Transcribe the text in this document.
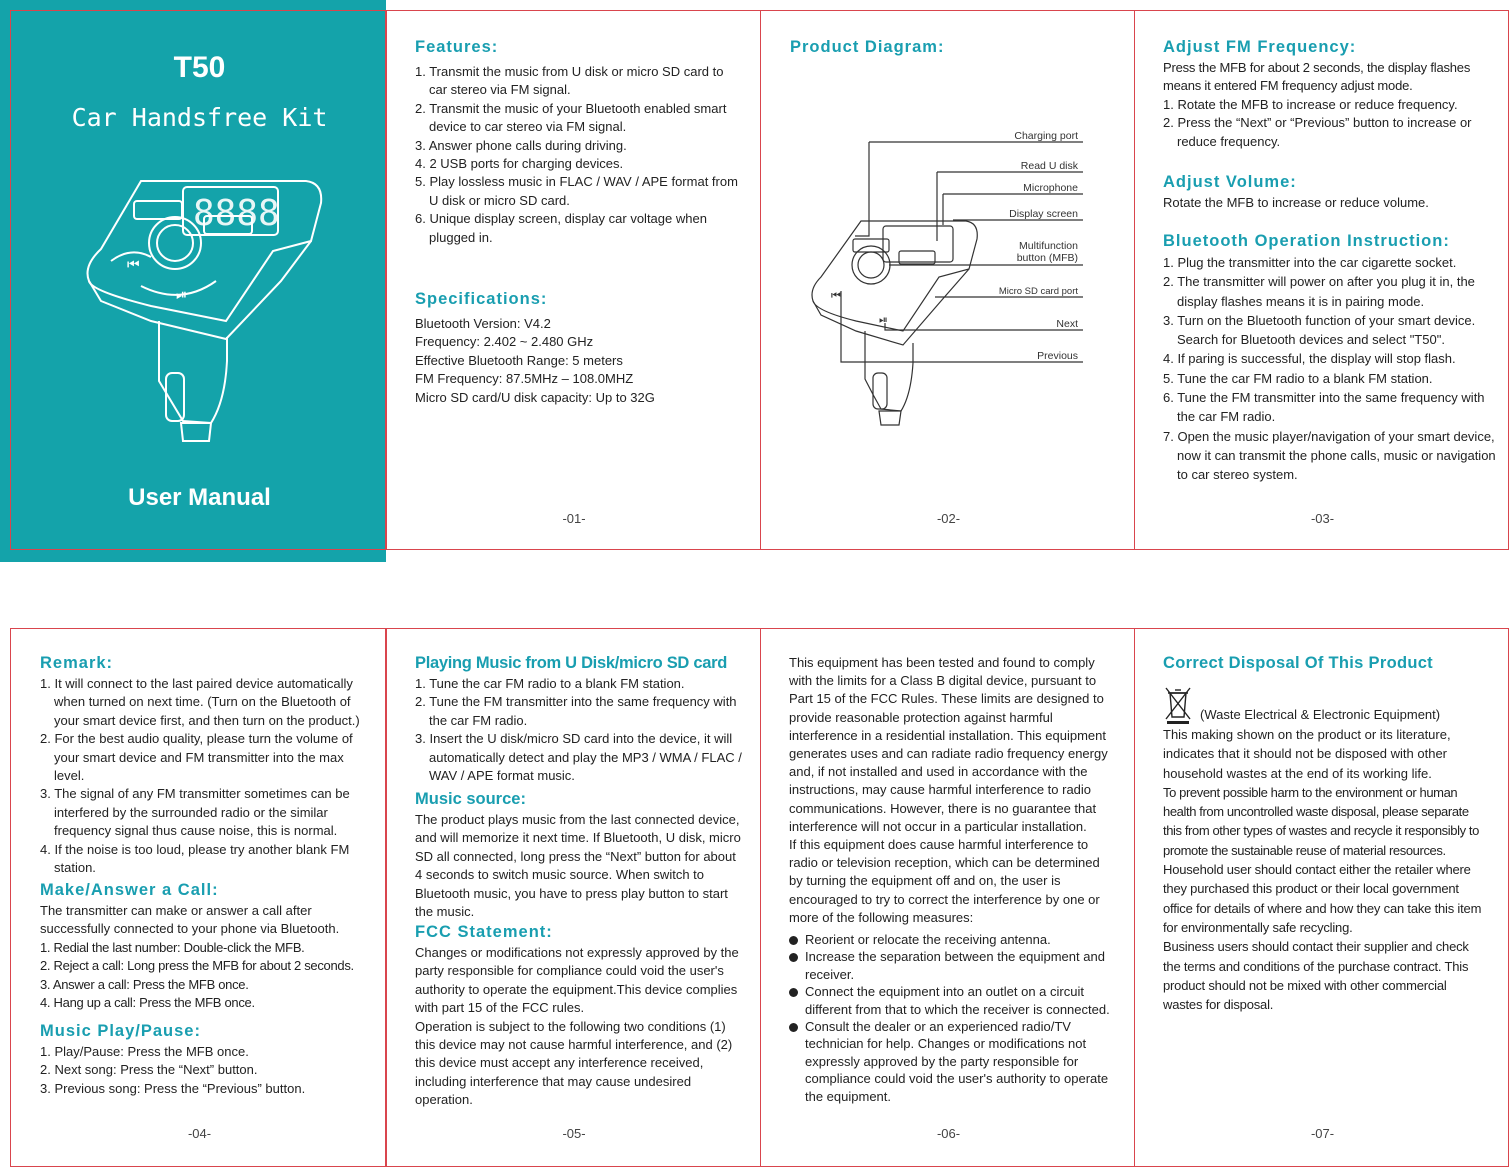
T50
Car Handsfree Kit
⏮
⏯
8888
User Manual
Features:
1. Transmit the music from U disk or micro SD card to car stereo via FM signal.
2. Transmit the music of your Bluetooth enabled smart device to car stereo via FM signal.
3. Answer phone calls during driving.
4. 2 USB ports for charging devices.
5. Play lossless music in FLAC / WAV / APE format from U disk or micro SD card.
6. Unique display screen, display car voltage when plugged in.
Specifications:
Bluetooth Version: V4.2
Frequency: 2.402 ~ 2.480 GHz
Effective Bluetooth Range: 5 meters
FM Frequency: 87.5MHz – 108.0MHZ
Micro SD card/U disk capacity: Up to 32G
-01-
Product Diagram:
⏮
⏯
Charging port
Read U disk
Microphone
Display screen
Multifunction
button (MFB)
Micro SD card port
Next
Previous
-02-
Adjust FM Frequency:
Press the MFB for about 2 seconds, the display flashes means it entered FM frequency adjust mode.
1. Rotate the MFB to increase or reduce frequency.
2. Press the “Next” or “Previous” button to increase or reduce frequency.
Adjust Volume:
Rotate the MFB to increase or reduce volume.
Bluetooth Operation Instruction:
1. Plug the transmitter into the car cigarette socket.
2. The transmitter will power on after you plug it in, the display flashes means it is in pairing mode.
3. Turn on the Bluetooth function of your smart device. Search for Bluetooth devices and select "T50".
4. If paring is successful, the display will stop flash.
5. Tune the car FM radio to a blank FM station.
6. Tune the FM transmitter into the same frequency with the car FM radio.
7. Open the music player/navigation of your smart device, now it can transmit the phone calls, music or navigation to car stereo system.
-03-
Remark:
1. It will connect to the last paired device automatically when turned on next time. (Turn on the Bluetooth of your smart device first, and then turn on the product.)
2. For the best audio quality, please turn the volume of your smart device and FM transmitter into the max level.
3. The signal of any FM transmitter sometimes can be interfered by the surrounded radio or the similar frequency signal thus cause noise, this is normal.
4. If the noise is too loud, please try another blank FM station.
Make/Answer a Call:
The transmitter can make or answer a call after successfully connected to your phone via Bluetooth.
1. Redial the last number: Double-click the MFB.
2. Reject a call: Long press the MFB for about 2 seconds.
3. Answer a call: Press the MFB once.
4. Hang up a call: Press the MFB once.
Music Play/Pause:
1. Play/Pause: Press the MFB once.
2. Next song: Press the “Next” button.
3. Previous song: Press the “Previous” button.
-04-
Playing Music from U Disk/micro SD card
1. Tune the car FM radio to a blank FM station.
2. Tune the FM transmitter into the same frequency with the car FM radio.
3. Insert the U disk/micro SD card into the device, it will automatically detect and play the MP3 / WMA / FLAC / WAV / APE format music.
Music source:
The product plays music from the last connected device, and will memorize it next time. If Bluetooth, U disk, micro SD all connected, long press the “Next” button for about 4 seconds to switch music source. When switch to Bluetooth music, you have to press play button to start the music.
FCC Statement:
Changes or modifications not expressly approved by the party responsible for compliance could void the user's authority to operate the equipment.This device complies with part 15 of the FCC rules.
Operation is subject to the following two conditions (1) this device may not cause harmful interference, and (2) this device must accept any interference received, including interference that may cause undesired operation.
-05-
This equipment has been tested and found to comply with the limits for a Class B digital device, pursuant to Part 15 of the FCC Rules. These limits are designed to provide reasonable protection against harmful interference in a residential installation. This equipment generates uses and can radiate radio frequency energy and, if not installed and used in accordance with the instructions, may cause harmful interference to radio communications. However, there is no guarantee that interference will not occur in a particular installation.
If this equipment does cause harmful interference to radio or television reception, which can be determined by turning the equipment off and on, the user is encouraged to try to correct the interference by one or more of the following measures:
Reorient or relocate the receiving antenna.
Increase the separation between the equipment and receiver.
Connect the equipment into an outlet on a circuit different from that to which the receiver is connected.
Consult the dealer or an experienced radio/TV technician for help. Changes or modifications not expressly approved by the party responsible for compliance could void the user's authority to operate the equipment.
-06-
Correct Disposal Of This Product
(Waste Electrical & Electronic Equipment)
This making shown on the product or its literature, indicates that it should not be disposed with other household wastes at the end of its working life.
To prevent possible harm to the environment or human health from uncontrolled waste disposal, please separate this from other types of wastes and recycle it responsibly to promote the sustainable reuse of material resources.
Household user should contact either the retailer where they purchased this product or their local government office for details of where and how they can take this item for environmentally safe recycling.
Business users should contact their supplier and check the terms and conditions of the purchase contract. This product should not be mixed with other commercial wastes for disposal.
-07-
